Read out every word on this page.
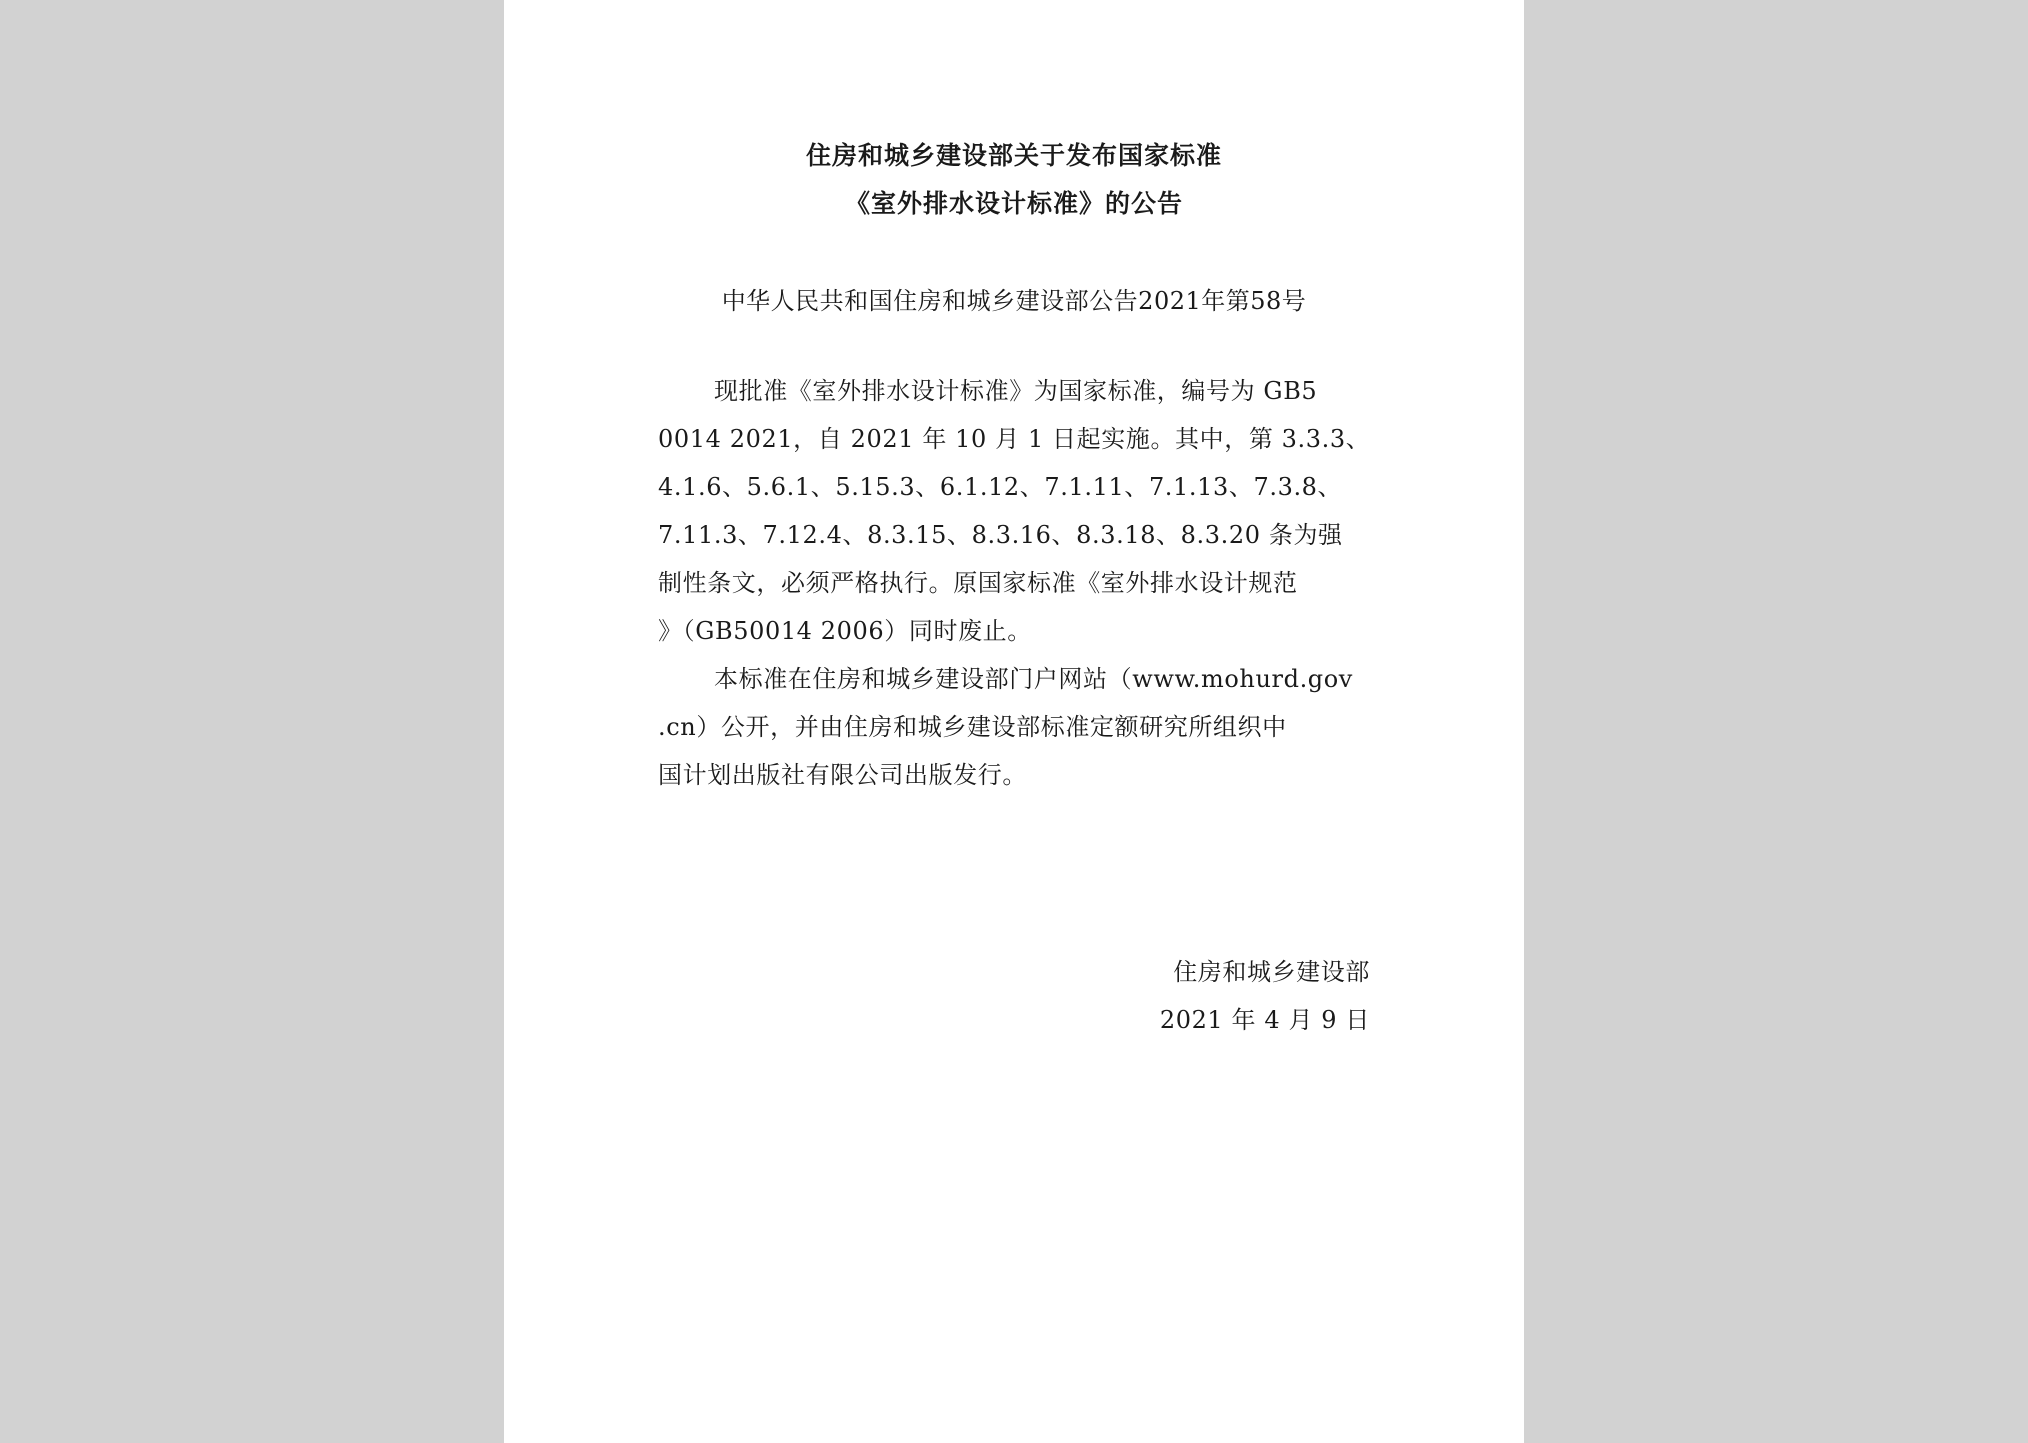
住房和城乡建设部关于发布国家标准
《室外排水设计标准》的公告
中华人民共和国住房和城乡建设部公告2021年第58号
现批准《室外排水设计标准》为国家标准，编号为 GB5
0014 2021，自 2021 年 10 月 1 日起实施。其中，第 3.3.3、
4.1.6、5.6.1、5.15.3、6.1.12、7.1.11、7.1.13、7.3.8、
7.11.3、7.12.4、8.3.15、8.3.16、8.3.18、8.3.20 条为强
制性条文，必须严格执行。原国家标准《室外排水设计规范
》（GB50014 2006）同时废止。
本标准在住房和城乡建设部门户网站（www.mohurd.gov
.cn）公开，并由住房和城乡建设部标准定额研究所组织中
国计划出版社有限公司出版发行。
住房和城乡建设部
2021 年 4 月 9 日
